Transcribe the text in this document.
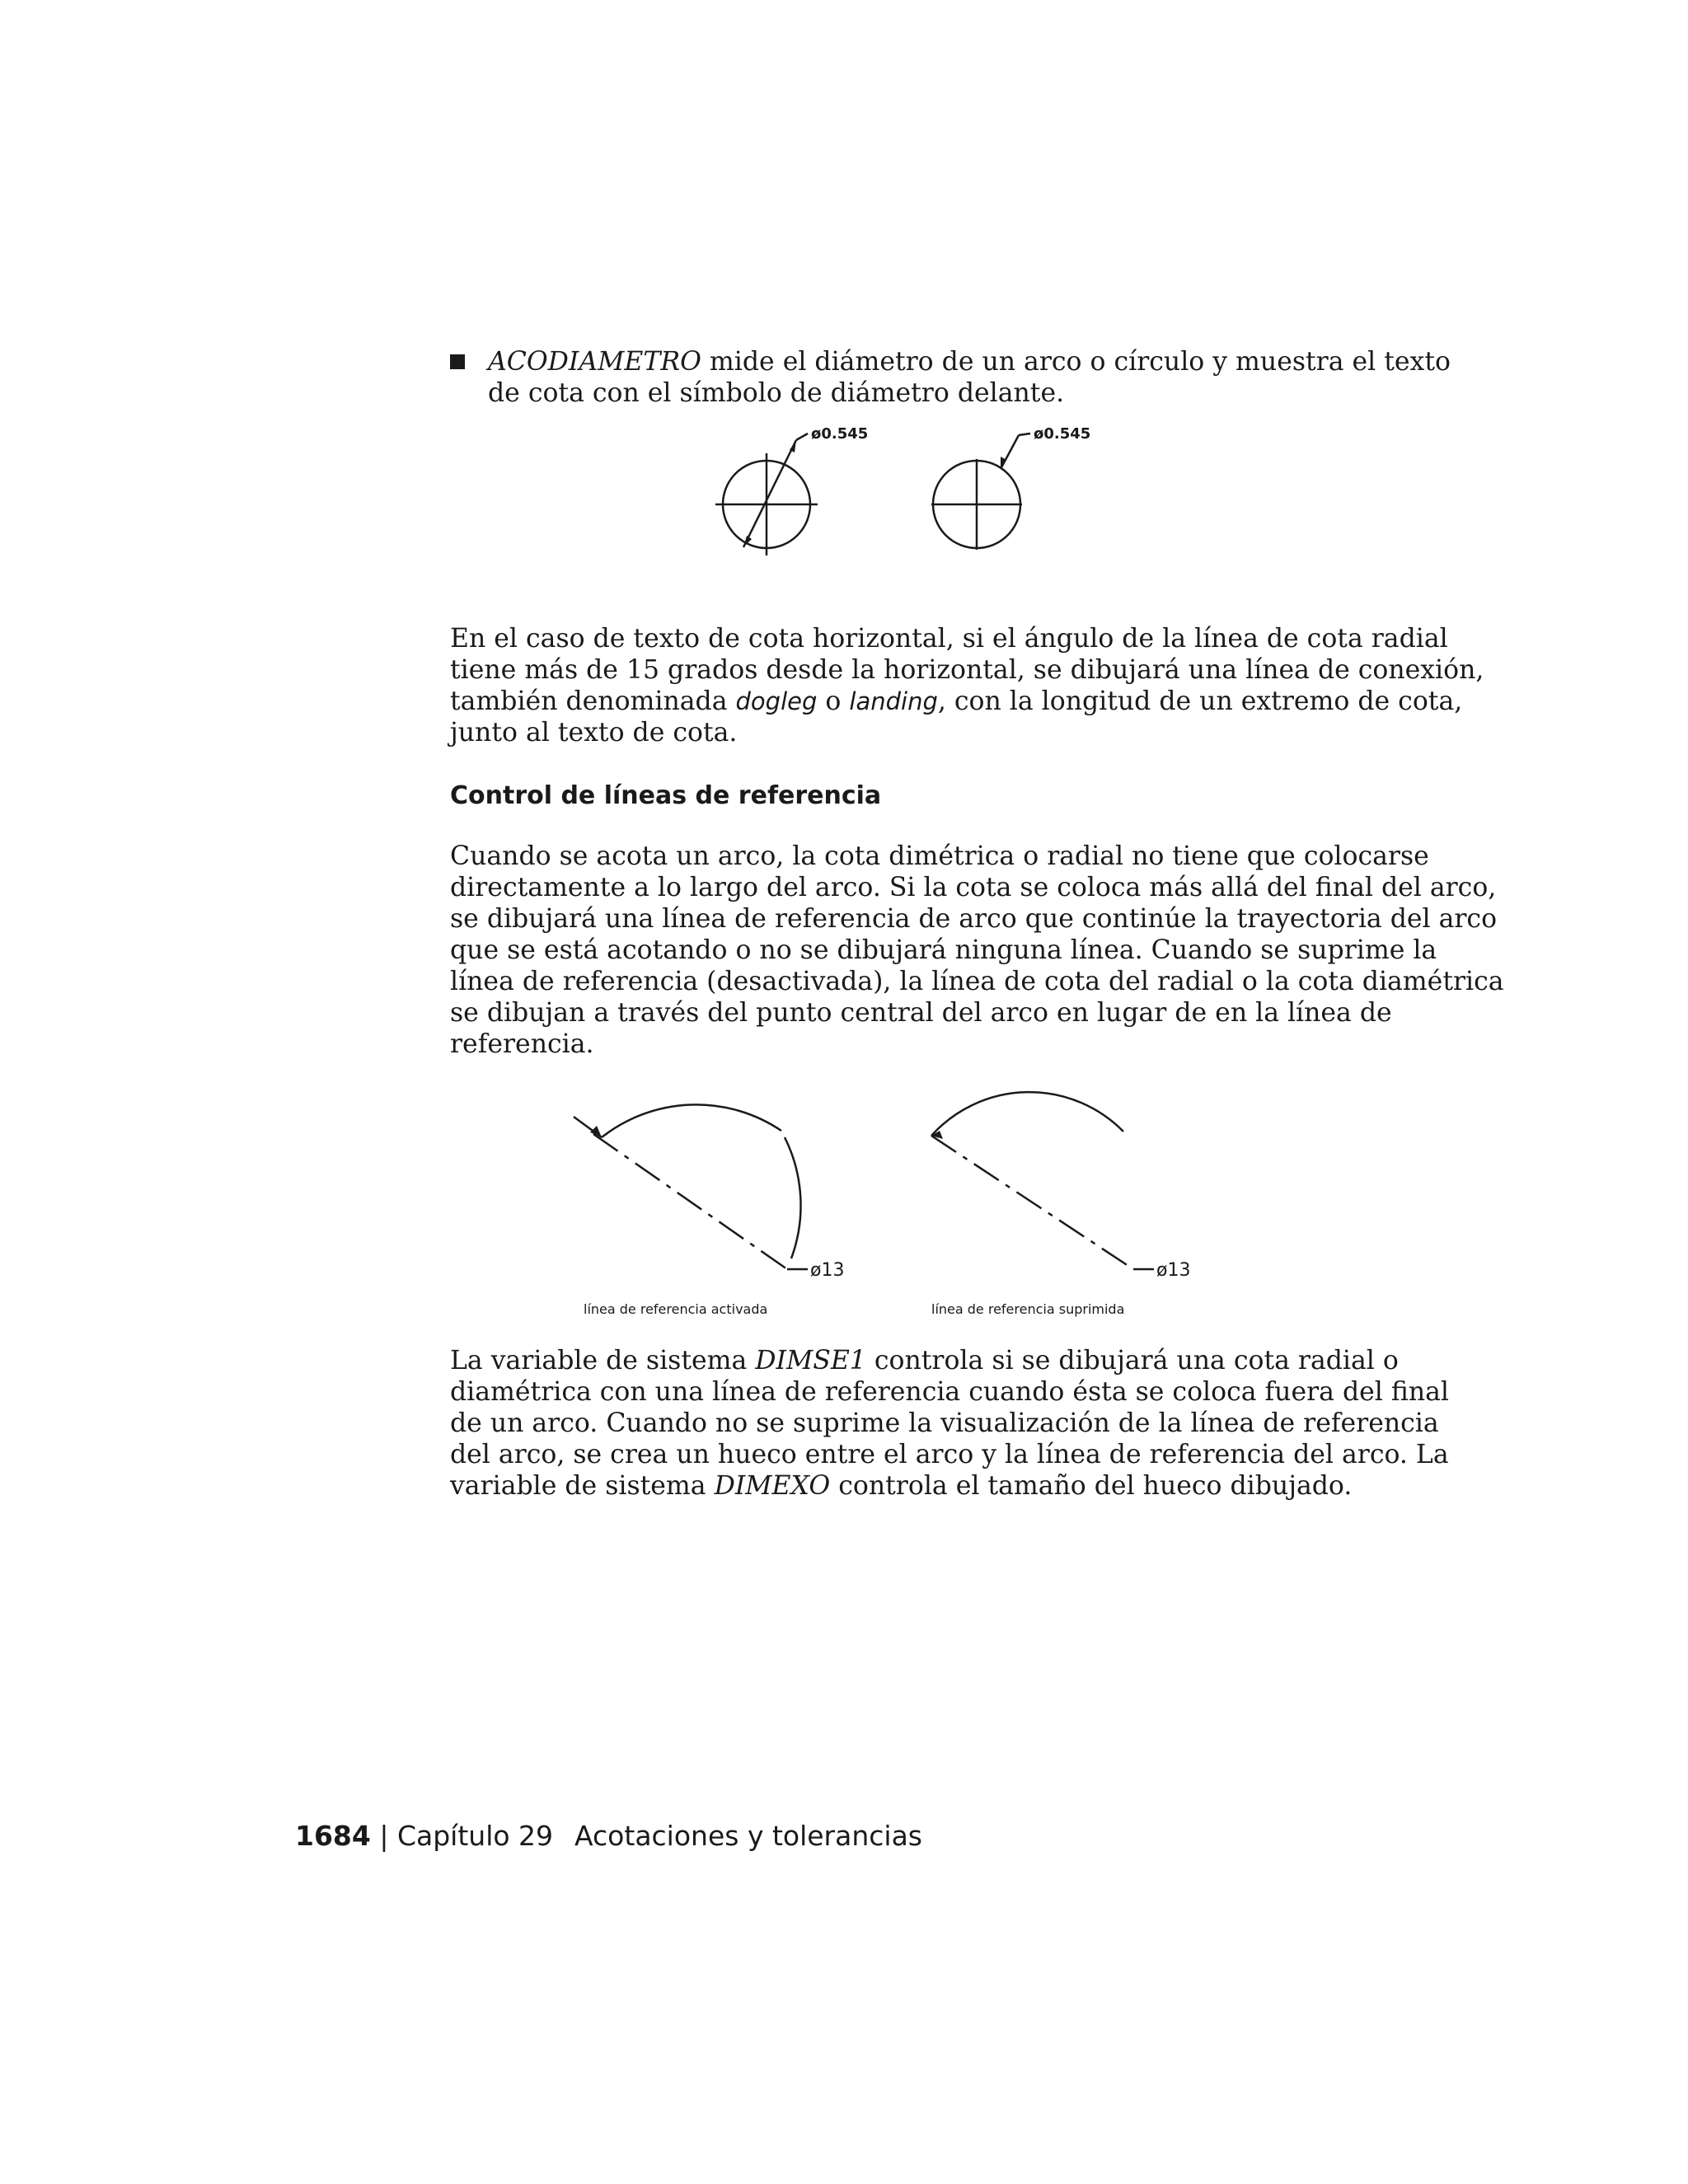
ACODIAMETRO mide el diámetro de un arco o círculo y muestra el texto
de cota con el símbolo de diámetro delante.

ø0.545	ø0.545

En el caso de texto de cota horizontal, si el ángulo de la línea de cota radial
tiene más de 15 grados desde la horizontal, se dibujará una línea de conexión,
también denominada dogleg o landing, con la longitud de un extremo de cota,
junto al texto de cota.

Control de líneas de referencia

Cuando se acota un arco, la cota dimétrica o radial no tiene que colocarse
directamente a lo largo del arco. Si la cota se coloca más allá del final del arco,
se dibujará una línea de referencia de arco que continúe la trayectoria del arco
que se está acotando o no se dibujará ninguna línea. Cuando se suprime la
línea de referencia (desactivada), la línea de cota del radial o la cota diamétrica
se dibujan a través del punto central del arco en lugar de en la línea de
referencia.

ø13	ø13
línea de referencia activada	línea de referencia suprimida

La variable de sistema DIMSE1 controla si se dibujará una cota radial o
diamétrica con una línea de referencia cuando ésta se coloca fuera del final
de un arco. Cuando no se suprime la visualización de la línea de referencia
del arco, se crea un hueco entre el arco y la línea de referencia del arco. La
variable de sistema DIMEXO controla el tamaño del hueco dibujado.

1684 | Capítulo 29 Acotaciones y tolerancias
